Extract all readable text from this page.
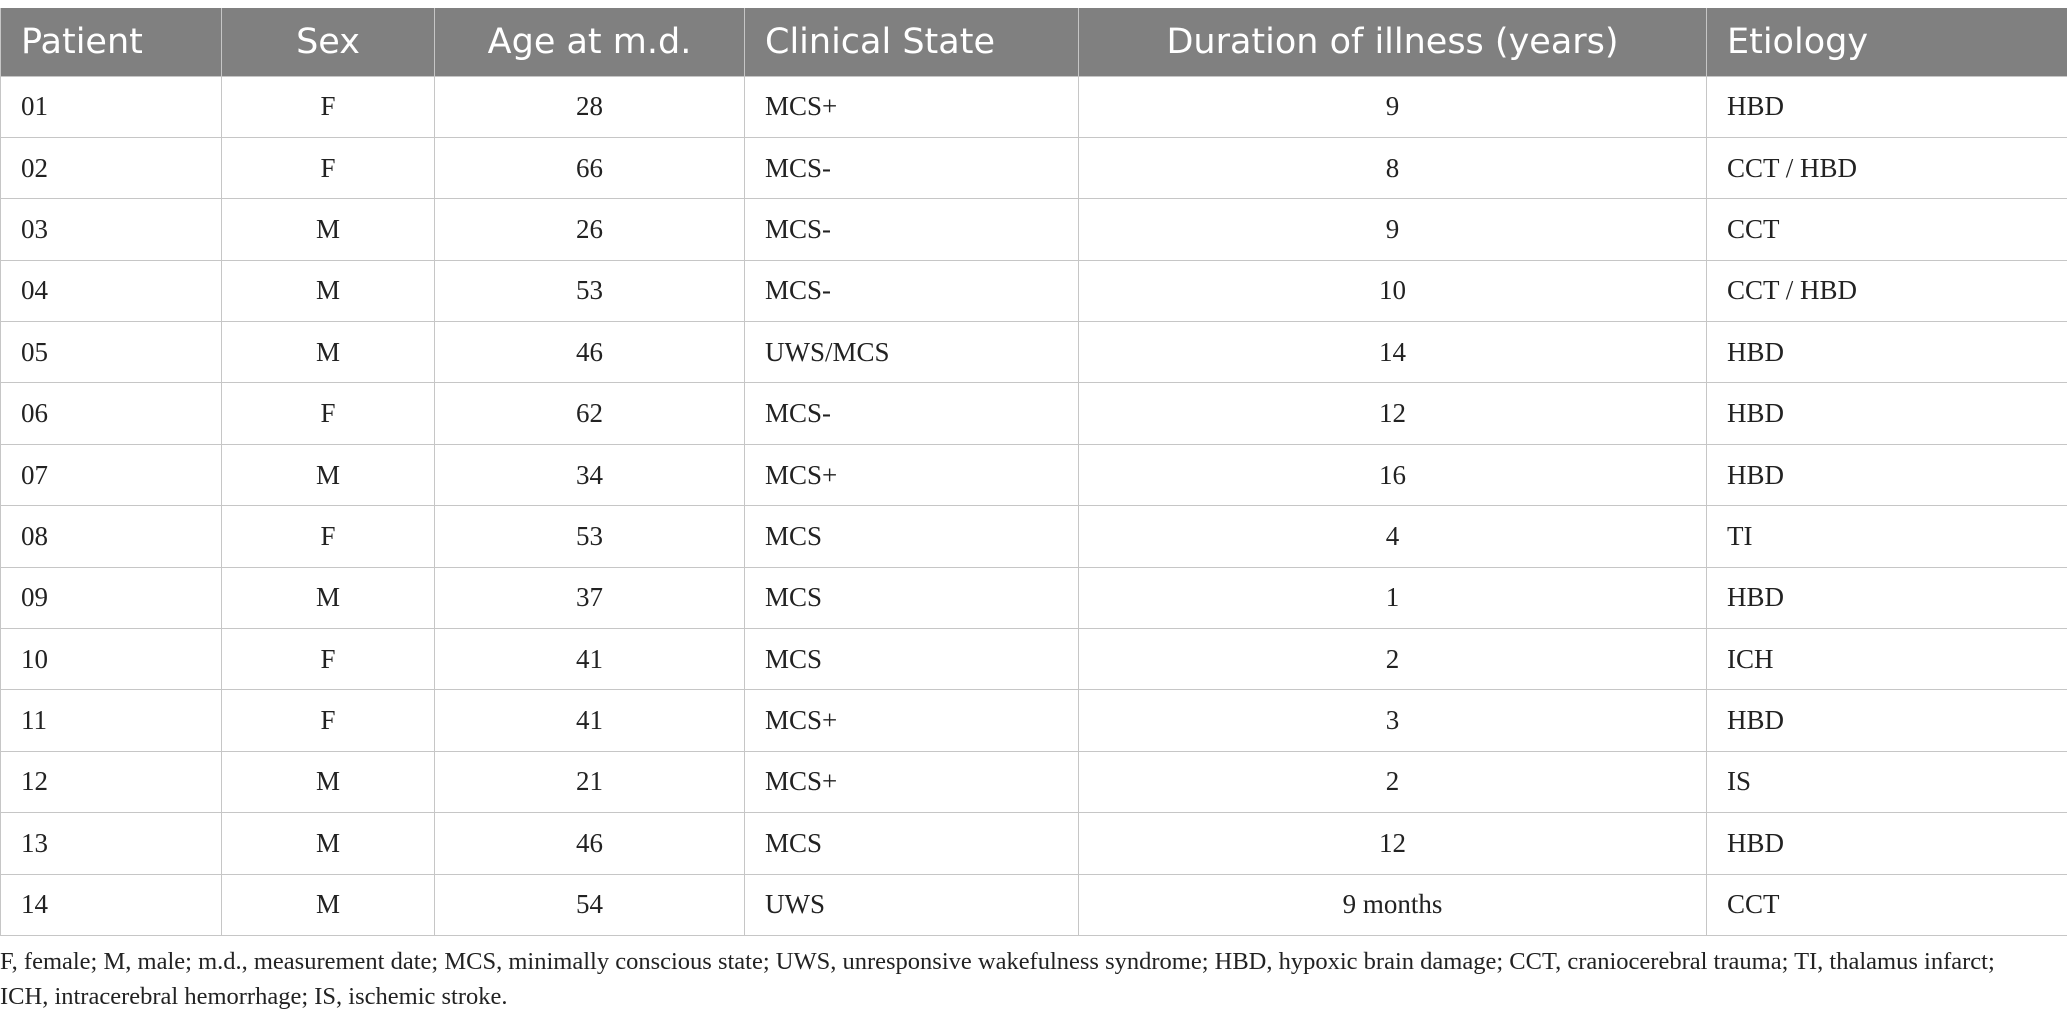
Patient	Sex	Age at m.d.	Clinical State	Duration of illness (years)	Etiology
01	F	28	MCS+	9	HBD
02	F	66	MCS-	8	CCT / HBD
03	M	26	MCS-	9	CCT
04	M	53	MCS-	10	CCT / HBD
05	M	46	UWS/MCS	14	HBD
06	F	62	MCS-	12	HBD
07	M	34	MCS+	16	HBD
08	F	53	MCS	4	TI
09	M	37	MCS	1	HBD
10	F	41	MCS	2	ICH
11	F	41	MCS+	3	HBD
12	M	21	MCS+	2	IS
13	M	46	MCS	12	HBD
14	M	54	UWS	9 months	CCT
F, female; M, male; m.d., measurement date; MCS, minimally conscious state; UWS, unresponsive wakefulness syndrome; HBD, hypoxic brain damage; CCT, craniocerebral trauma; TI, thalamus infarct; ICH, intracerebral hemorrhage; IS, ischemic stroke.
